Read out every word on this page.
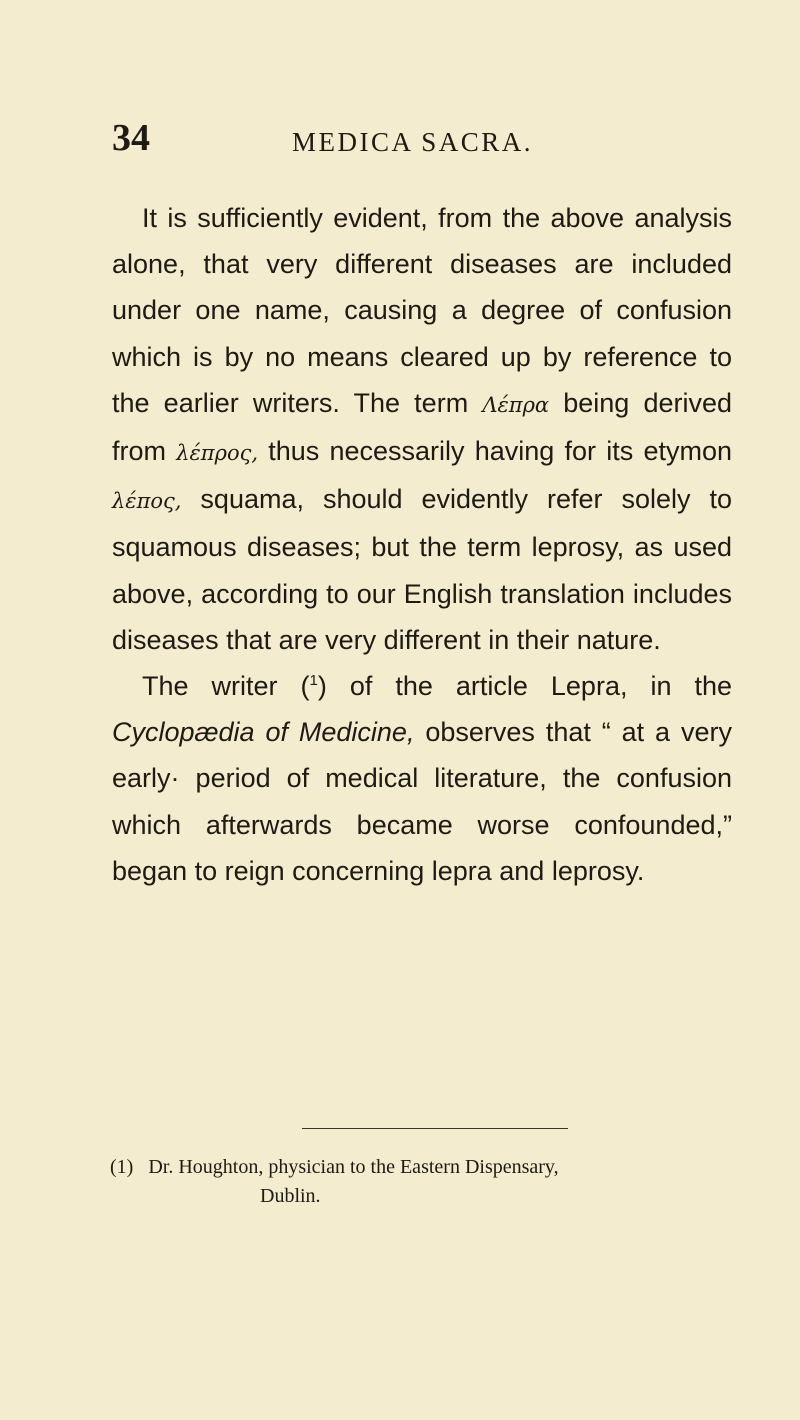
34	MEDICA SACRA.

It is sufficiently evident, from the above analysis alone, that very different diseases are included under one name, causing a degree of confusion which is by no means cleared up by reference to the earlier writers. The term Λέπρα being derived from λέπρος, thus necessarily having for its etymon λέπος, squama, should evidently refer solely to squamous diseases; but the term leprosy, as used above, according to our English translation includes diseases that are very different in their nature.

The writer ($^1$) of the article Lepra, in the Cyclopædia of Medicine, observes that “ at a very early· period of medical literature, the confusion which afterwards became worse confounded,” began to reign concerning lepra and leprosy.

(1) Dr. Houghton, physician to the Eastern Dispensary,
Dublin.
